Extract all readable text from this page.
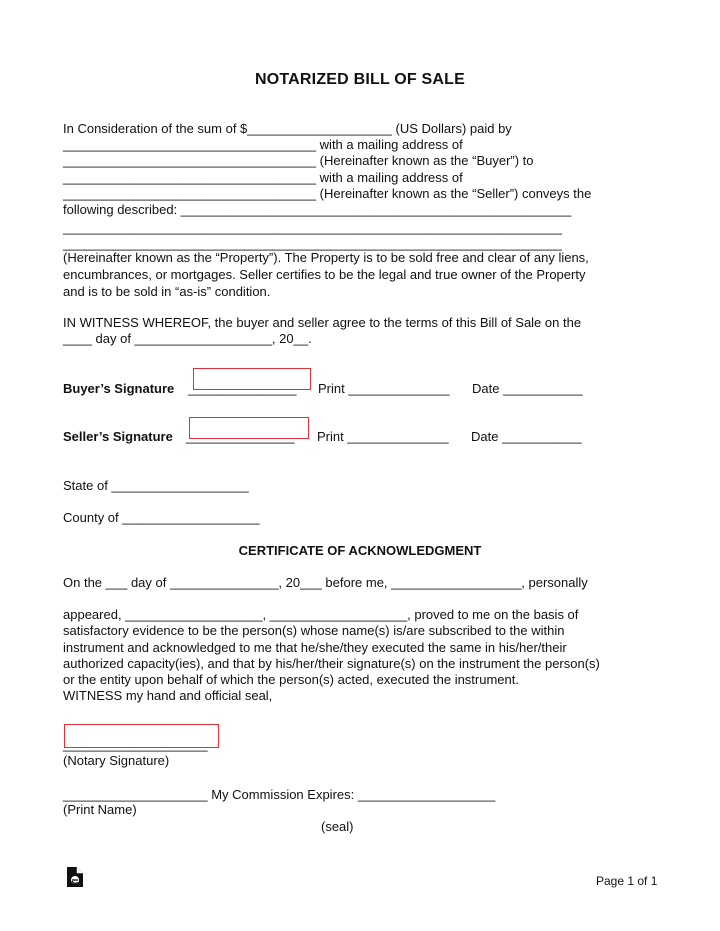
NOTARIZED BILL OF SALE
In Consideration of the sum of $____________________ (US Dollars) paid by
___________________________________ with a mailing address of
___________________________________ (Hereinafter known as the “Buyer”) to
___________________________________ with a mailing address of
___________________________________ (Hereinafter known as the “Seller”) conveys the
following described: ______________________________________________________
_____________________________________________________________________
_____________________________________________________________________
(Hereinafter known as the “Property”). The Property is to be sold free and clear of any liens,
encumbrances, or mortgages. Seller certifies to be the legal and true owner of the Property
and is to be sold in “as-is” condition.
IN WITNESS WHEREOF, the buyer and seller agree to the terms of this Bill of Sale on the
____ day of ___________________, 20__.
Buyer’s Signature _______________ Print ______________ Date ___________
Seller’s Signature _______________ Print ______________ Date ___________
State of ___________________
County of ___________________
CERTIFICATE OF ACKNOWLEDGMENT
On the ___ day of _______________, 20___ before me, __________________, personally
appeared, ___________________, ___________________, proved to me on the basis of
satisfactory evidence to be the person(s) whose name(s) is/are subscribed to the within
instrument and acknowledged to me that he/she/they executed the same in his/her/their
authorized capacity(ies), and that by his/her/their signature(s) on the instrument the person(s)
or the entity upon behalf of which the person(s) acted, executed the instrument.
WITNESS my hand and official seal,
____________________
(Notary Signature)
____________________ My Commission Expires: ___________________
(Print Name)
(seal)
Page 1 of 1
